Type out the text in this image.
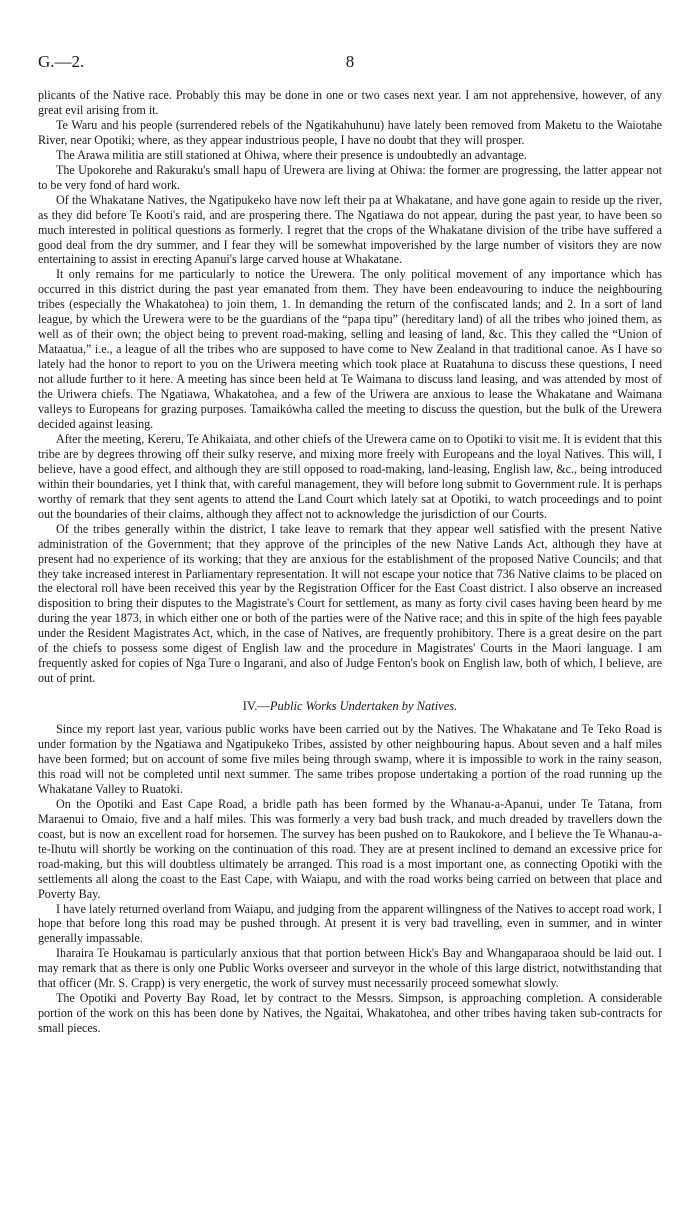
G.—2.	8

plicants of the Native race. Probably this may be done in one or two cases next year. I am not apprehensive, however, of any great evil arising from it.

Te Waru and his people (surrendered rebels of the Ngatikahuhunu) have lately been removed from Maketu to the Waiotahe River, near Opotiki; where, as they appear industrious people, I have no doubt that they will prosper.

The Arawa militia are still stationed at Ohiwa, where their presence is undoubtedly an advantage.

The Upokorehe and Rakuraku's small hapu of Urewera are living at Ohiwa: the former are progressing, the latter appear not to be very fond of hard work.

Of the Whakatane Natives, the Ngatipukeko have now left their pa at Whakatane, and have gone again to reside up the river, as they did before Te Kooti's raid, and are prospering there. The Ngatiawa do not appear, during the past year, to have been so much interested in political questions as formerly. I regret that the crops of the Whakatane division of the tribe have suffered a good deal from the dry summer, and I fear they will be somewhat impoverished by the large number of visitors they are now entertaining to assist in erecting Apanui's large carved house at Whakatane.

It only remains for me particularly to notice the Urewera. The only political movement of any importance which has occurred in this district during the past year emanated from them. They have been endeavouring to induce the neighbouring tribes (especially the Whakatohea) to join them, 1. In demanding the return of the confiscated lands; and 2. In a sort of land league, by which the Urewera were to be the guardians of the “papa tipu” (hereditary land) of all the tribes who joined them, as well as of their own; the object being to prevent road-making, selling and leasing of land, &c. This they called the “Union of Mataatua,” i.e., a league of all the tribes who are supposed to have come to New Zealand in that traditional canoe. As I have so lately had the honor to report to you on the Uriwera meeting which took place at Ruatahuna to discuss these questions, I need not allude further to it here. A meeting has since been held at Te Waimana to discuss land leasing, and was attended by most of the Uriwera chiefs. The Ngatiawa, Whakatohea, and a few of the Uriwera are anxious to lease the Whakatane and Waimana valleys to Europeans for grazing purposes. Tamaikówha called the meeting to discuss the question, but the bulk of the Urewera decided against leasing.

After the meeting, Kereru, Te Ahikaiata, and other chiefs of the Urewera came on to Opotiki to visit me. It is evident that this tribe are by degrees throwing off their sulky reserve, and mixing more freely with Europeans and the loyal Natives. This will, I believe, have a good effect, and although they are still opposed to road-making, land-leasing, English law, &c., being introduced within their boundaries, yet I think that, with careful management, they will before long submit to Government rule. It is perhaps worthy of remark that they sent agents to attend the Land Court which lately sat at Opotiki, to watch proceedings and to point out the boundaries of their claims, although they affect not to acknowledge the jurisdiction of our Courts.

Of the tribes generally within the district, I take leave to remark that they appear well satisfied with the present Native administration of the Government; that they approve of the principles of the new Native Lands Act, although they have at present had no experience of its working; that they are anxious for the establishment of the proposed Native Councils; and that they take increased interest in Parliamentary representation. It will not escape your notice that 736 Native claims to be placed on the electoral roll have been received this year by the Registration Officer for the East Coast district. I also observe an increased disposition to bring their disputes to the Magistrate's Court for settlement, as many as forty civil cases having been heard by me during the year 1873, in which either one or both of the parties were of the Native race; and this in spite of the high fees payable under the Resident Magistrates Act, which, in the case of Natives, are frequently prohibitory. There is a great desire on the part of the chiefs to possess some digest of English law and the procedure in Magistrates' Courts in the Maori language. I am frequently asked for copies of Nga Ture o Ingarani, and also of Judge Fenton's book on English law, both of which, I believe, are out of print.

IV.—Public Works Undertaken by Natives.

Since my report last year, various public works have been carried out by the Natives. The Whakatane and Te Teko Road is under formation by the Ngatiawa and Ngatipukeko Tribes, assisted by other neighbouring hapus. About seven and a half miles have been formed; but on account of some five miles being through swamp, where it is impossible to work in the rainy season, this road will not be completed until next summer. The same tribes propose undertaking a portion of the road running up the Whakatane Valley to Ruatoki.

On the Opotiki and East Cape Road, a bridle path has been formed by the Whanau-a-Apanui, under Te Tatana, from Maraenui to Omaio, five and a half miles. This was formerly a very bad bush track, and much dreaded by travellers down the coast, but is now an excellent road for horsemen. The survey has been pushed on to Raukokore, and I believe the Te Whanau-a-te-Ihutu will shortly be working on the continuation of this road. They are at present inclined to demand an excessive price for road-making, but this will doubtless ultimately be arranged. This road is a most important one, as connecting Opotiki with the settlements all along the coast to the East Cape, with Waiapu, and with the road works being carried on between that place and Poverty Bay.

I have lately returned overland from Waiapu, and judging from the apparent willingness of the Natives to accept road work, I hope that before long this road may be pushed through. At present it is very bad travelling, even in summer, and in winter generally impassable.

Iharaira Te Houkamau is particularly anxious that that portion between Hick's Bay and Whangaparaoa should be laid out. I may remark that as there is only one Public Works overseer and surveyor in the whole of this large district, notwithstanding that that officer (Mr. S. Crapp) is very energetic, the work of survey must necessarily proceed somewhat slowly.

The Opotiki and Poverty Bay Road, let by contract to the Messrs. Simpson, is approaching completion. A considerable portion of the work on this has been done by Natives, the Ngaitai, Whakatohea, and other tribes having taken sub-contracts for small pieces.
